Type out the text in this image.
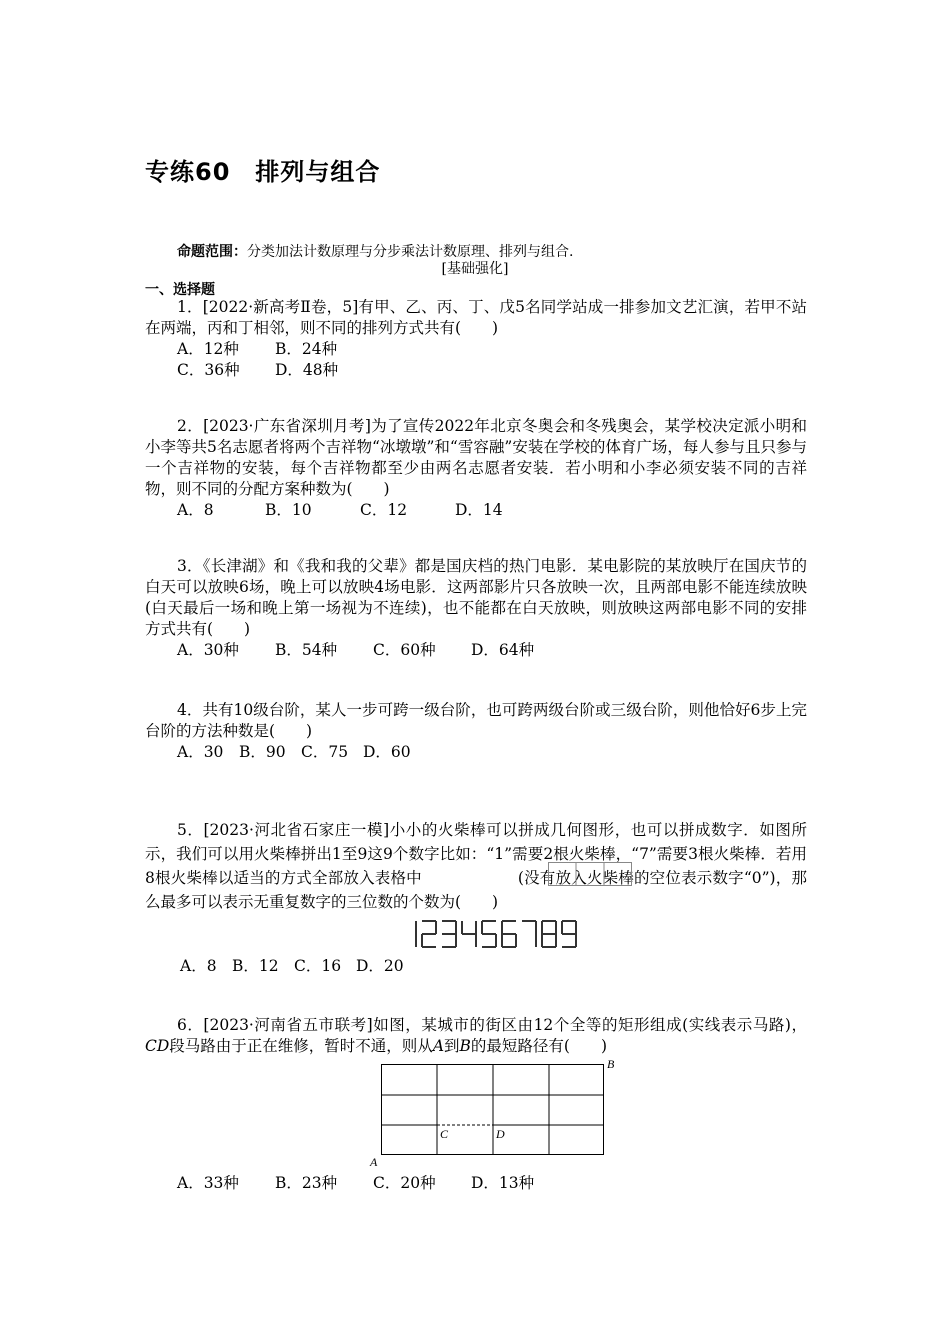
专练60　排列与组合
命题范围：分类加法计数原理与分步乘法计数原理、排列与组合.
[基础强化]
一、选择题
1．[2022·新高考Ⅱ卷，5]有甲、乙、丙、丁、戊5名同学站成一排参加文艺汇演，若甲不站在两端，丙和丁相邻，则不同的排列方式共有(　　)
A．12种 B．24种
C．36种 D．48种
2．[2023·广东省深圳月考]为了宣传2022年北京冬奥会和冬残奥会，某学校决定派小明和小李等共5名志愿者将两个吉祥物“冰墩墩”和“雪容融”安装在学校的体育广场，每人参与且只参与一个吉祥物的安装，每个吉祥物都至少由两名志愿者安装．若小明和小李必须安装不同的吉祥物，则不同的分配方案种数为(　　)
A．8	B．10	C．12	D．14
3．《长津湖》和《我和我的父辈》都是国庆档的热门电影．某电影院的某放映厅在国庆节的白天可以放映6场，晚上可以放映4场电影．这两部影片只各放映一次，且两部电影不能连续放映(白天最后一场和晚上第一场视为不连续)，也不能都在白天放映，则放映这两部电影不同的安排方式共有(　　)
A．30种 B．54种 C．60种 D．64种
4．共有10级台阶，某人一步可跨一级台阶，也可跨两级台阶或三级台阶，则他恰好6步上完台阶的方法种数是(　　)
A．30 B．90 C．75 D．60
5．[2023·河北省石家庄一模]小小的火柴棒可以拼成几何图形，也可以拼成数字．如图所示，我们可以用火柴棒拼出1至9这9个数字比如：“1”需要2根火柴棒，“7”需要3根火柴棒．若用8根火柴棒以适当的方式全部放入表格中	(没有放入火柴棒的空位表示数字“0”)，那么最多可以表示无重复数字的三位数的个数为(　　)
A．8 B．12 C．16 D．20
6．[2023·河南省五市联考]如图，某城市的街区由12个全等的矩形组成(实线表示马路)，CD段马路由于正在维修，暂时不通，则从A到B的最短路径有(　　)
A
B
C	D
A．33种 B．23种 C．20种 D．13种
